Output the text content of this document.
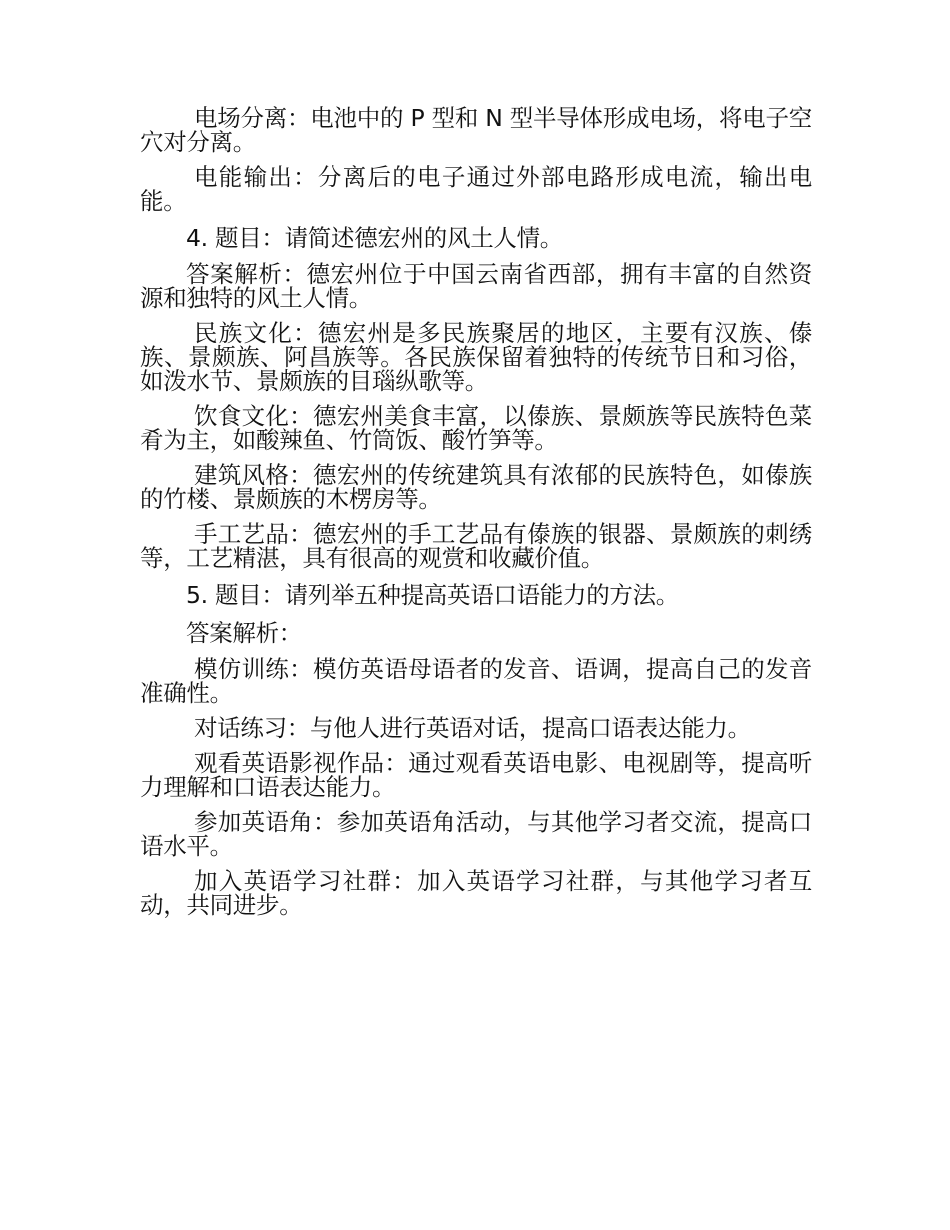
电场分离：电池中的 P 型和 N 型半导体形成电场，将电子空穴对分离。

电能输出：分离后的电子通过外部电路形成电流，输出电能。

4. 题目：请简述德宏州的风土人情。

答案解析：德宏州位于中国云南省西部，拥有丰富的自然资源和独特的风土人情。

民族文化：德宏州是多民族聚居的地区，主要有汉族、傣族、景颇族、阿昌族等。各民族保留着独特的传统节日和习俗，如泼水节、景颇族的目瑙纵歌等。

饮食文化：德宏州美食丰富，以傣族、景颇族等民族特色菜肴为主，如酸辣鱼、竹筒饭、酸竹笋等。

建筑风格：德宏州的传统建筑具有浓郁的民族特色，如傣族的竹楼、景颇族的木楞房等。

手工艺品：德宏州的手工艺品有傣族的银器、景颇族的刺绣等，工艺精湛，具有很高的观赏和收藏价值。

5. 题目：请列举五种提高英语口语能力的方法。

答案解析：

模仿训练：模仿英语母语者的发音、语调，提高自己的发音准确性。

对话练习：与他人进行英语对话，提高口语表达能力。

观看英语影视作品：通过观看英语电影、电视剧等，提高听力理解和口语表达能力。

参加英语角：参加英语角活动，与其他学习者交流，提高口语水平。

加入英语学习社群：加入英语学习社群，与其他学习者互动，共同进步。
